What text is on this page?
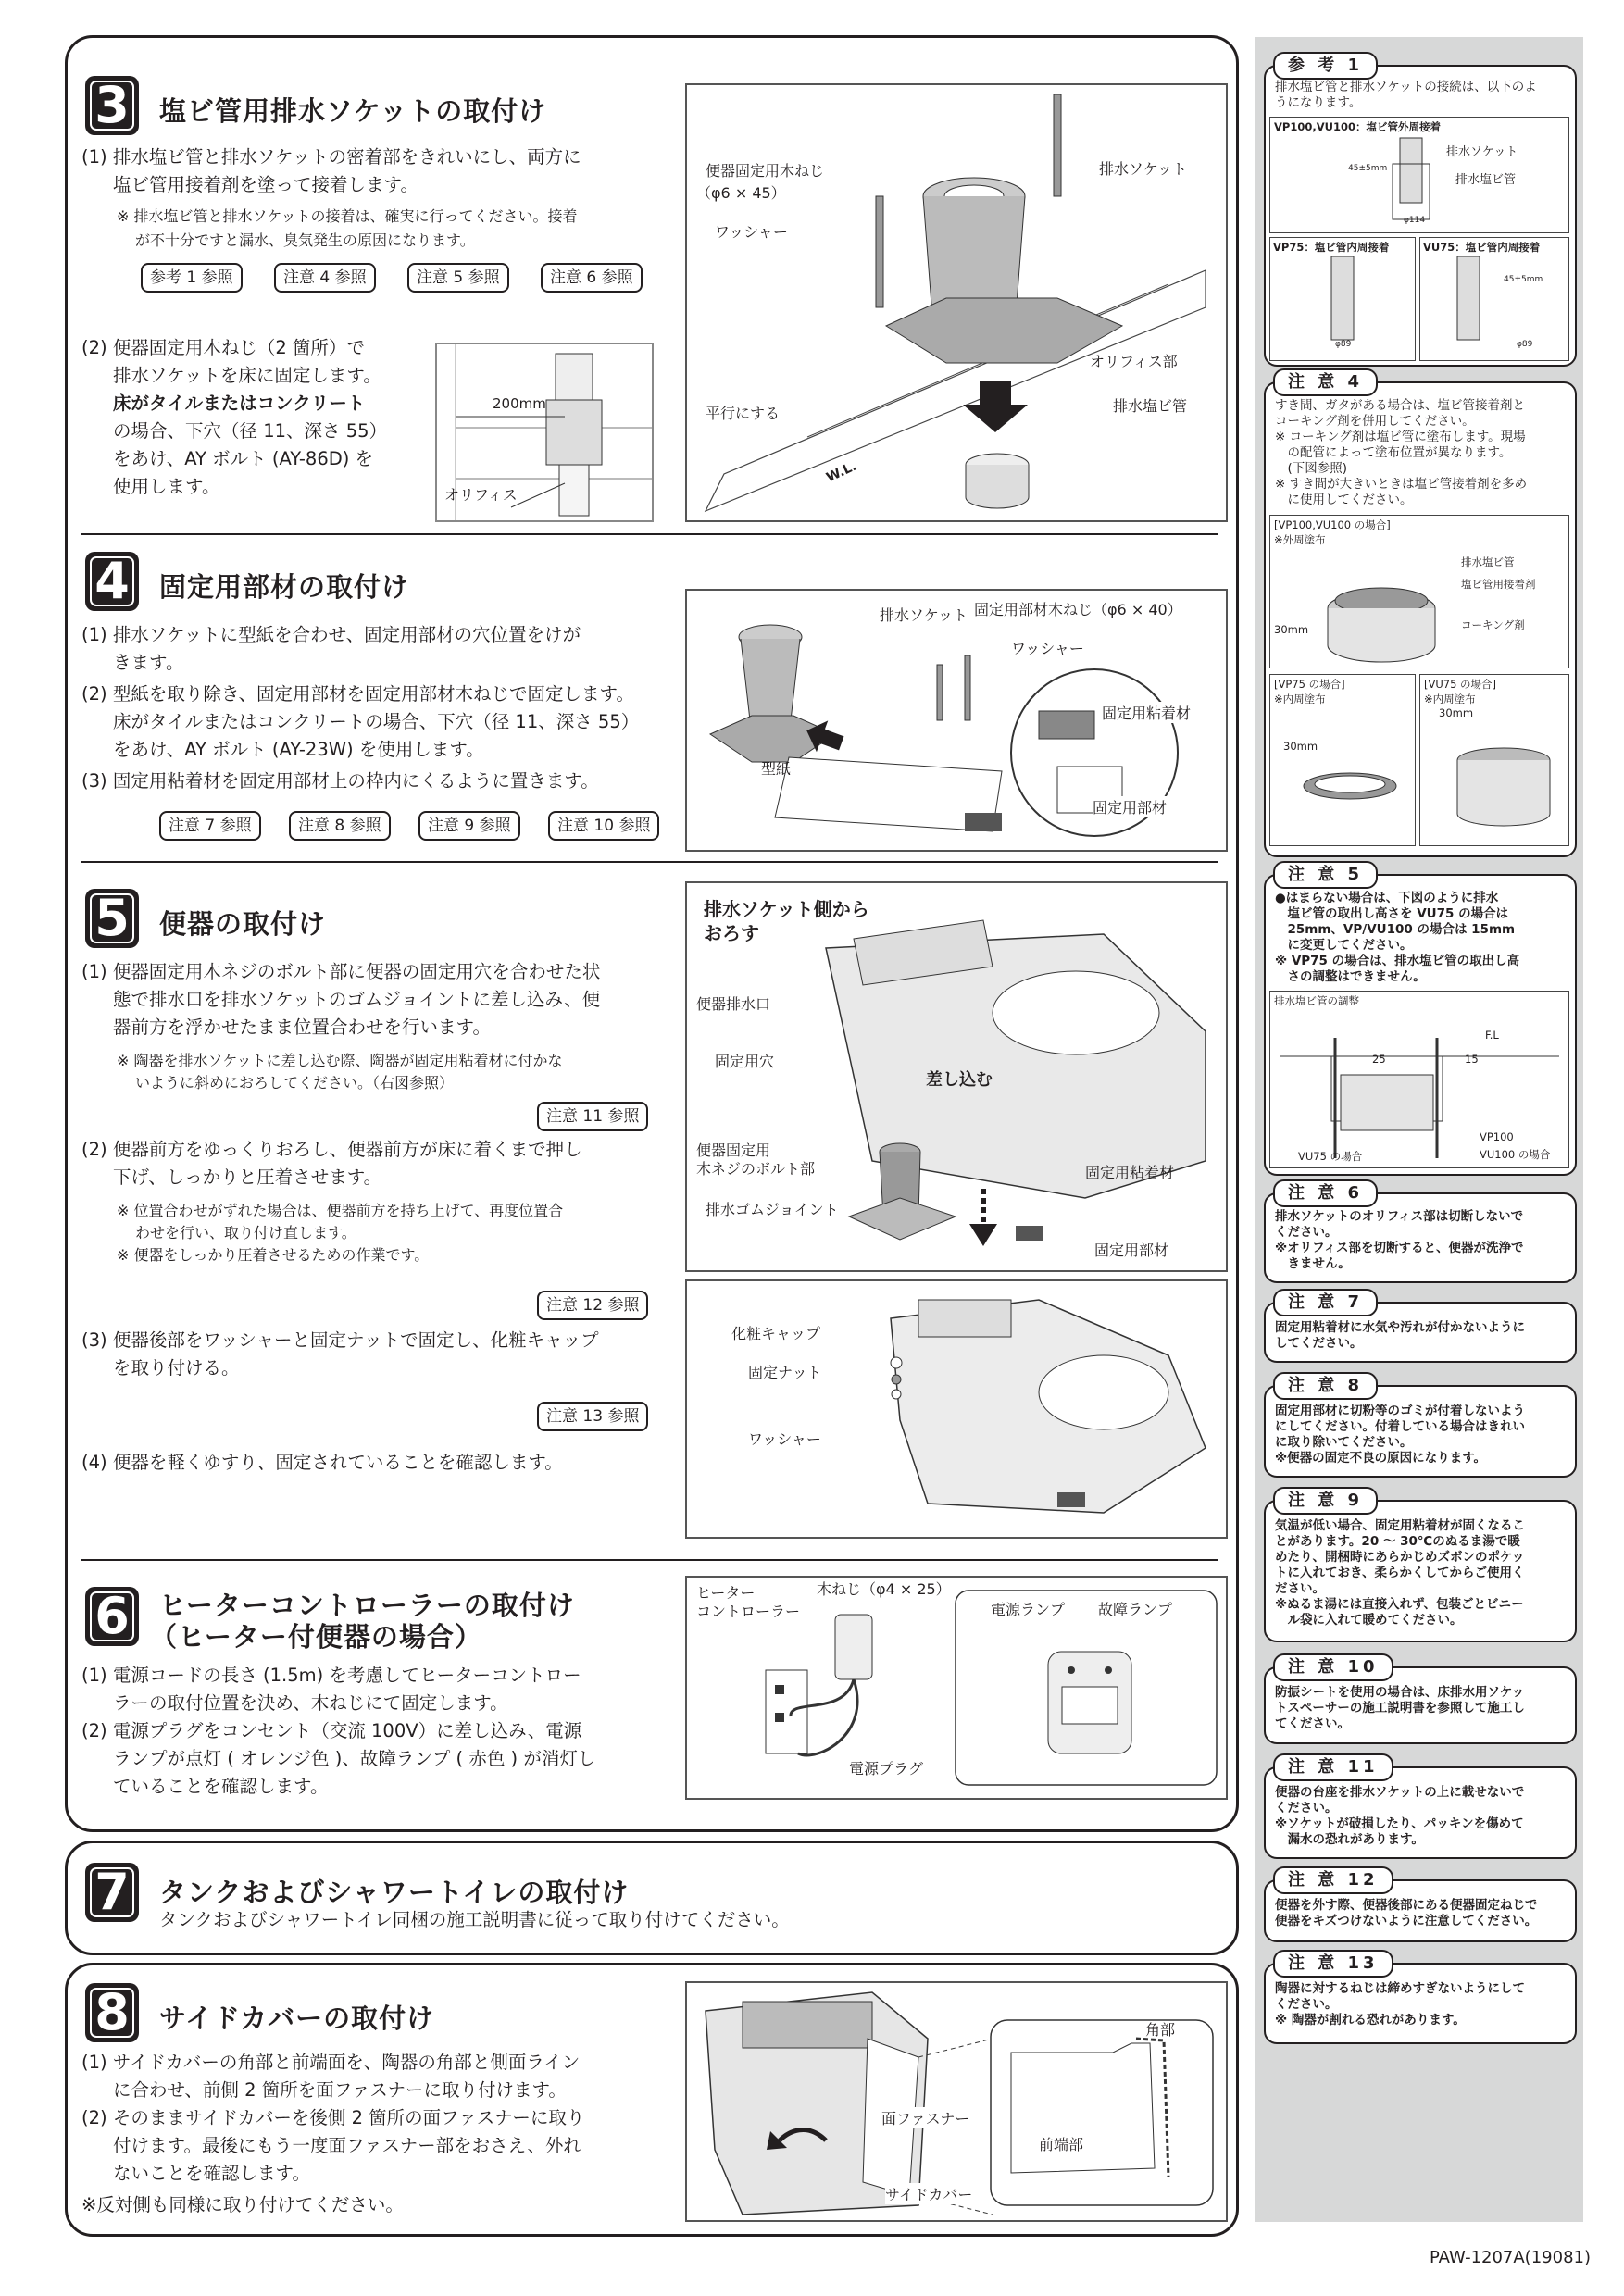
3	塩ビ管用排水ソケットの取付け
(1) 排水塩ビ管と排水ソケットの密着部をきれいにし、両方に
塩ビ管用接着剤を塗って接着します。
※ 排水塩ビ管と排水ソケットの接着は、確実に行ってください。接着
が不十分ですと漏水、臭気発生の原因になります。
参考 1 参照	注意 4 参照	注意 5 参照	注意 6 参照
(2) 便器固定用木ねじ（2 箇所）で
排水ソケットを床に固定します。
床がタイルまたはコンクリート
の場合、下穴（径 11、深さ 55）
をあけ、AY ボルト (AY-86D) を
使用します。
200mm
オリフィス
便器固定用木ねじ
（φ6 × 45）
ワッシャー
排水ソケット
オリフィス部
排水塩ビ管
平行にする
W.L.
4	固定用部材の取付け
(1) 排水ソケットに型紙を合わせ、固定用部材の穴位置をけが
きます。
(2) 型紙を取り除き、固定用部材を固定用部材木ねじで固定します。
床がタイルまたはコンクリートの場合、下穴（径 11、深さ 55）
をあけ、AY ボルト (AY-23W) を使用します。
(3) 固定用粘着材を固定用部材上の枠内にくるように置きます。
注意 7 参照	注意 8 参照	注意 9 参照	注意 10 参照
排水ソケット 固定用部材木ねじ（φ6 × 40）
ワッシャー
固定用粘着材
型紙
固定用部材
5	便器の取付け
(1) 便器固定用木ネジのボルト部に便器の固定用穴を合わせた状
態で排水口を排水ソケットのゴムジョイントに差し込み、便
器前方を浮かせたまま位置合わせを行います。
※ 陶器を排水ソケットに差し込む際、陶器が固定用粘着材に付かな
いように斜めにおろしてください。（右図参照）
注意 11 参照
(2) 便器前方をゆっくりおろし、便器前方が床に着くまで押し
下げ、しっかりと圧着させます。
※ 位置合わせがずれた場合は、便器前方を持ち上げて、再度位置合
わせを行い、取り付け直します。
※ 便器をしっかり圧着させるための作業です。
注意 12 参照
(3) 便器後部をワッシャーと固定ナットで固定し、化粧キャップ
を取り付ける。
注意 13 参照
(4) 便器を軽くゆすり、固定されていることを確認します。
排水ソケット側から
おろす
便器排水口
固定用穴
差し込む
便器固定用
木ネジのボルト部
排水ゴムジョイント
固定用粘着材
固定用部材
化粧キャップ
固定ナット
ワッシャー
6	ヒーターコントローラーの取付け
（ヒーター付便器の場合）
(1) 電源コードの長さ (1.5m) を考慮してヒーターコントロー
ラーの取付位置を決め、木ねじにて固定します。
(2) 電源プラグをコンセント（交流 100V）に差し込み、電源
ランプが点灯 ( オレンジ色 )、故障ランプ ( 赤色 ) が消灯し
ていることを確認します。
ヒーター
コントローラー
木ねじ（φ4 × 25）
電源プラグ
電源ランプ 故障ランプ
7	タンクおよびシャワートイレの取付け
タンクおよびシャワートイレ同梱の施工説明書に従って取り付けてください。
8	サイドカバーの取付け
(1) サイドカバーの角部と前端面を、陶器の角部と側面ライン
に合わせ、前側 2 箇所を面ファスナーに取り付けます。
(2) そのままサイドカバーを後側 2 箇所の面ファスナーに取り
付けます。最後にもう一度面ファスナー部をおさえ、外れ
ないことを確認します。
※反対側も同様に取り付けてください。
角部
前端部
面ファスナー
サイドカバー
参 考 1
排水塩ビ管と排水ソケットの接続は、以下のよ
うになります。
VP100,VU100：塩ビ管外周接着
排水ソケット
排水塩ビ管
45±5mm
φ114
VP75：塩ビ管内周接着
φ89
VU75：塩ビ管内周接着
45±5mm
φ89
注 意 4
すき間、ガタがある場合は、塩ビ管接着剤と
コーキング剤を併用してください。
※ コーキング剤は塩ビ管に塗布します。現場
　の配管によって塗布位置が異なります。
　(下図参照)
※ すき間が大きいときは塩ビ管接着剤を多め
　に使用してください。
[VP100,VU100 の場合]
※外周塗布
排水塩ビ管
塩ビ管用接着剤
コーキング剤
30mm
[VP75 の場合]
※内周塗布
30mm
[VU75 の場合]
※内周塗布
30mm
注 意 5
●はまらない場合は、下図のように排水
　塩ビ管の取出し高さを VU75 の場合は
　25mm、VP/VU100 の場合は 15mm
　に変更してください。
※ VP75 の場合は、排水塩ビ管の取出し高
　さの調整はできません。
排水塩ビ管の調整
F.L
25	15
VU75 の場合
VP100
VU100 の場合
注 意 6
排水ソケットのオリフィス部は切断しないで
ください。
※オリフィス部を切断すると、便器が洗浄で
　きません。
注 意 7
固定用粘着材に水気や汚れが付かないように
してください。
注 意 8
固定用部材に切粉等のゴミが付着しないよう
にしてください。付着している場合はきれい
に取り除いてください。
※便器の固定不良の原因になります。
注 意 9
気温が低い場合、固定用粘着材が固くなるこ
とがあります。20 〜 30℃のぬるま湯で暖
めたり、開梱時にあらかじめズボンのポケッ
トに入れておき、柔らかくしてからご使用く
ださい。
※ぬるま湯には直接入れず、包装ごとビニー
　ル袋に入れて暖めてください。
注 意 10
防振シートを使用の場合は、床排水用ソケッ
トスペーサーの施工説明書を参照して施工し
てください。
注 意 11
便器の台座を排水ソケットの上に載せないで
ください。
※ソケットが破損したり、パッキンを傷めて
　漏水の恐れがあります。
注 意 12
便器を外す際、便器後部にある便器固定ねじで
便器をキズつけないように注意してください。
注 意 13
陶器に対するねじは締めすぎないようにして
ください。
※ 陶器が割れる恐れがあります。
PAW-1207A(19081)
